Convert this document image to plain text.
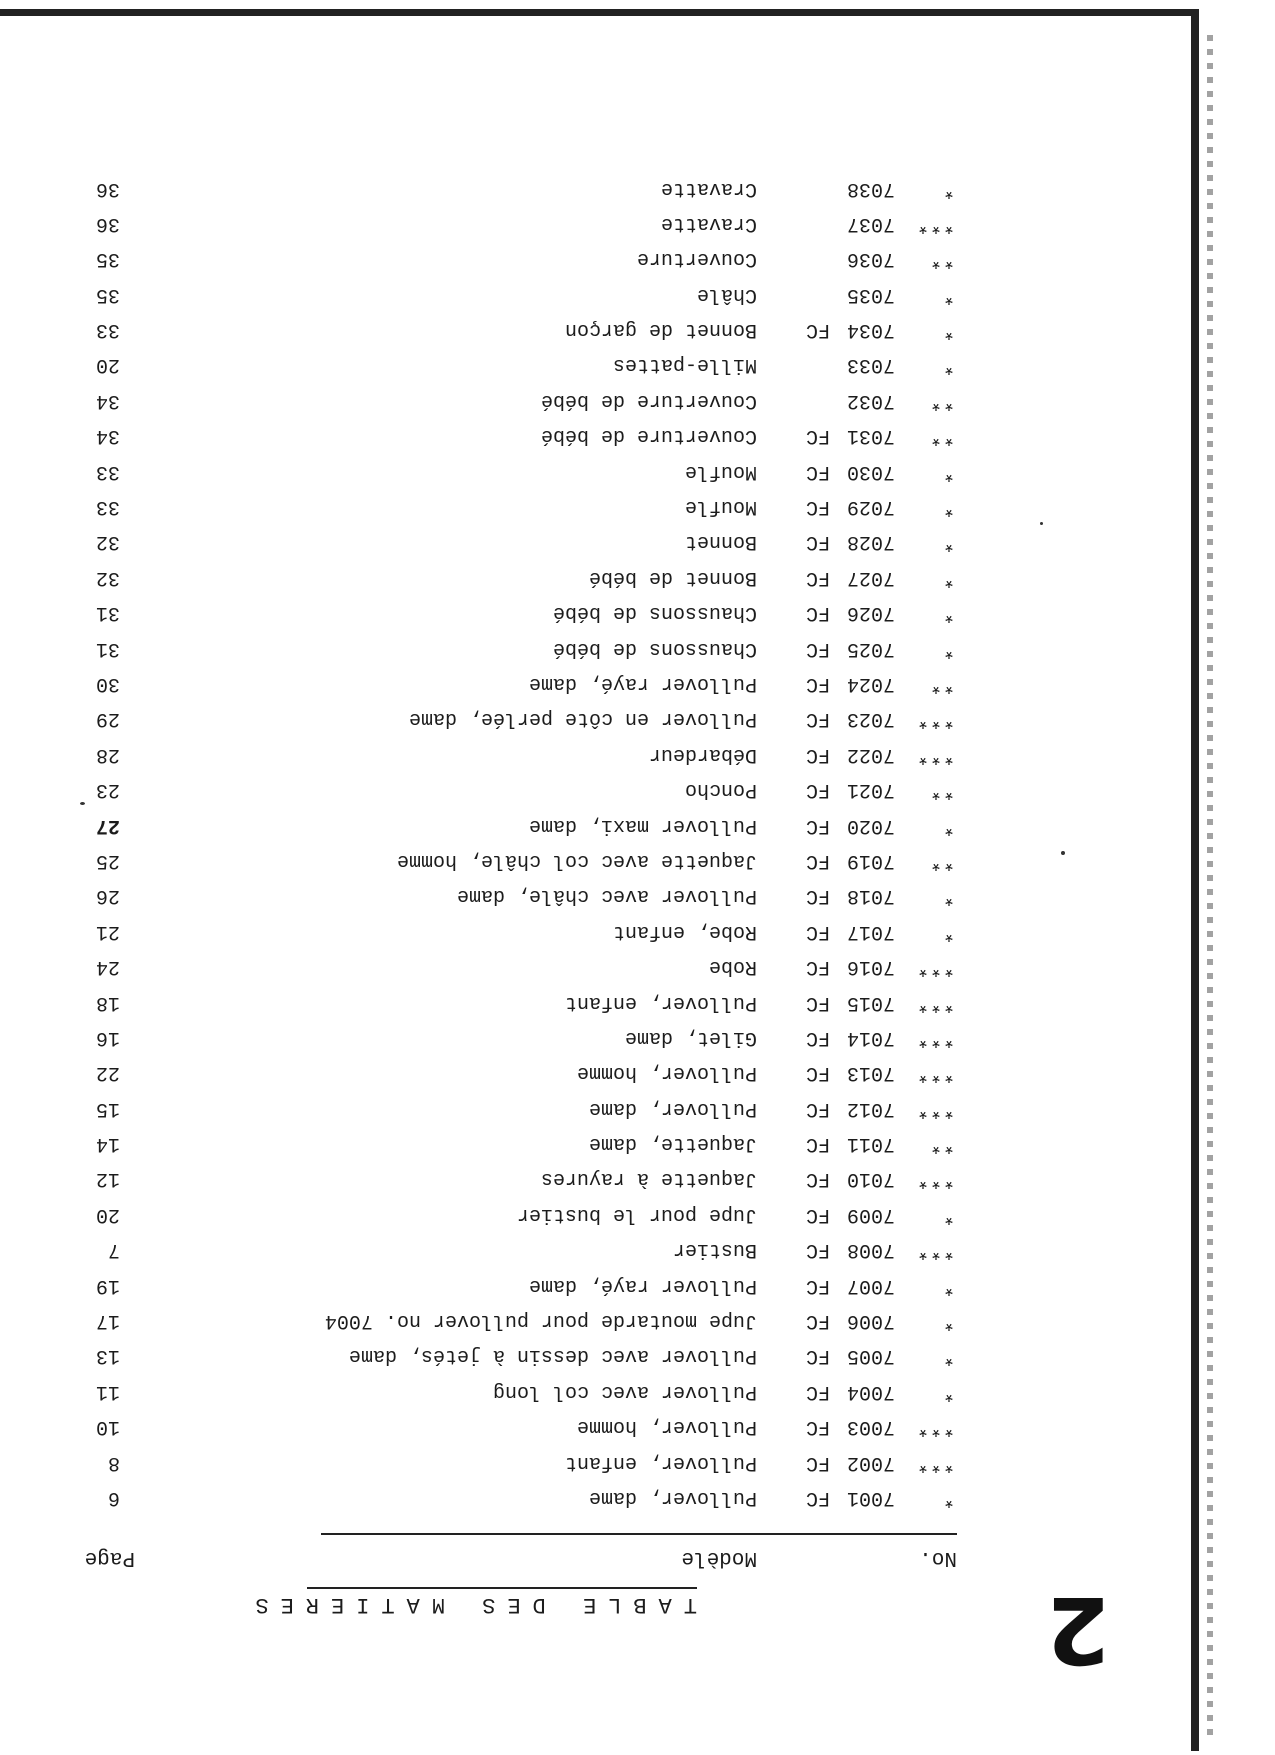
2
TABLE DES MATIERES
No.
Modèle
Page
*
7001
FC
Pullover, dame
6
***
7002
FC
Pullover, enfant
8
***
7003
FC
Pullover, homme
10
*
7004
FC
Pullover avec col long
11
*
7005
FC
Pullover avec dessin à jetés, dame
13
*
7006
FC
Jupe moutarde pour pullover no. 7004
17
*
7007
FC
Pullover rayé, dame
19
***
7008
FC
Bustier
7
*
7009
FC
Jupe pour le bustier
20
***
7010
FC
Jaquette à rayures
12
**
7011
FC
Jaquette, dame
14
***
7012
FC
Pullover, dame
15
***
7013
FC
Pullover, homme
22
***
7014
FC
Gilet, dame
16
***
7015
FC
Pullover, enfant
18
***
7016
FC
Robe
24
*
7017
FC
Robe, enfant
21
*
7018
FC
Pullover avec châle, dame
26
**
7019
FC
Jaquette avec col châle, homme
25
*
7020
FC
Pullover maxi, dame
27
**
7021
FC
Poncho
23
***
7022
FC
Débardeur
28
***
7023
FC
Pullover en côte perlée, dame
29
**
7024
FC
Pullover rayé, dame
30
*
7025
FC
Chaussons de bébé
31
*
7026
FC
Chaussons de bébé
31
*
7027
FC
Bonnet de bébé
32
*
7028
FC
Bonnet
32
*
7029
FC
Moufle
33
*
7030
FC
Moufle
33
**
7031
FC
Couverture de bébé
34
**
7032
Couverture de bébé
34
*
7033
Mille-pattes
20
*
7034
FC
Bonnet de garçon
33
*
7035
Châle
35
**
7036
Couverture
35
***
7037
Cravatte
36
*
7038
Cravatte
36
